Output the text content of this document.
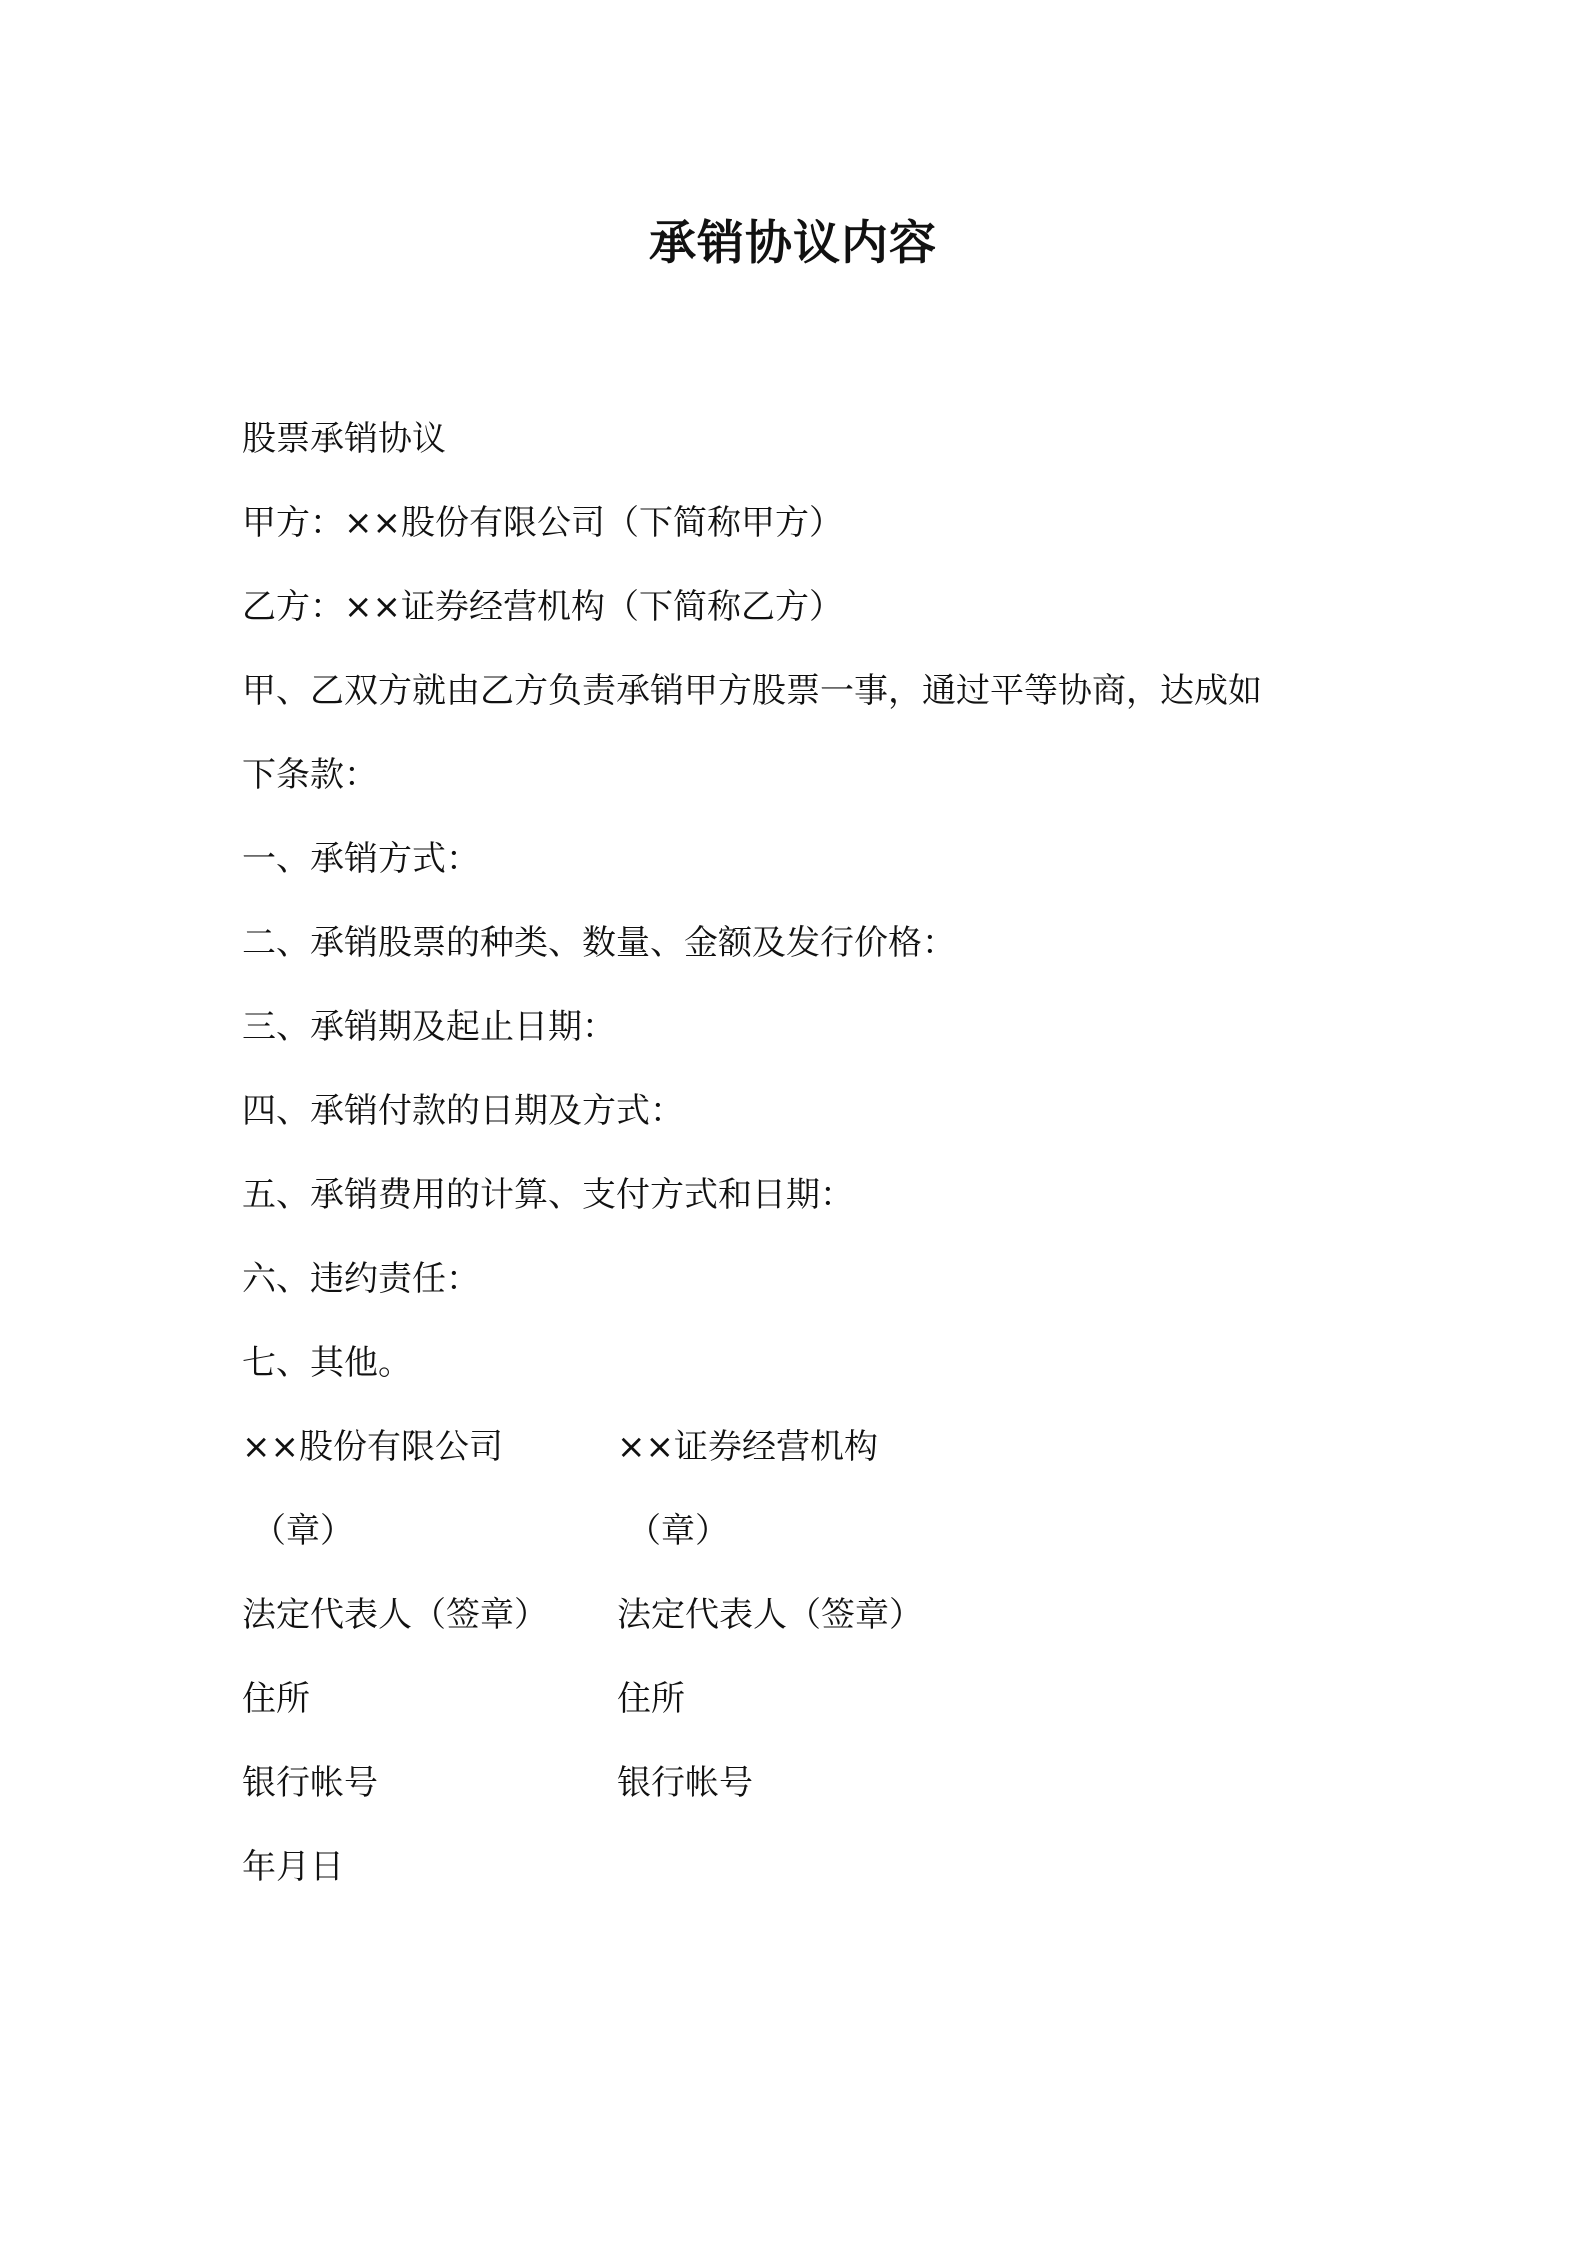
承销协议内容
股票承销协议
甲方：××股份有限公司（下简称甲方）
乙方：××证券经营机构（下简称乙方）
甲、乙双方就由乙方负责承销甲方股票一事，通过平等协商，达成如
下条款：
一、承销方式：
二、承销股票的种类、数量、金额及发行价格：
三、承销期及起止日期：
四、承销付款的日期及方式：
五、承销费用的计算、支付方式和日期：
六、违约责任：
七、其他。
××股份有限公司	××证券经营机构
（章）	（章）
法定代表人（签章） 法定代表人（签章）
住所	住所
银行帐号	银行帐号
年月日
